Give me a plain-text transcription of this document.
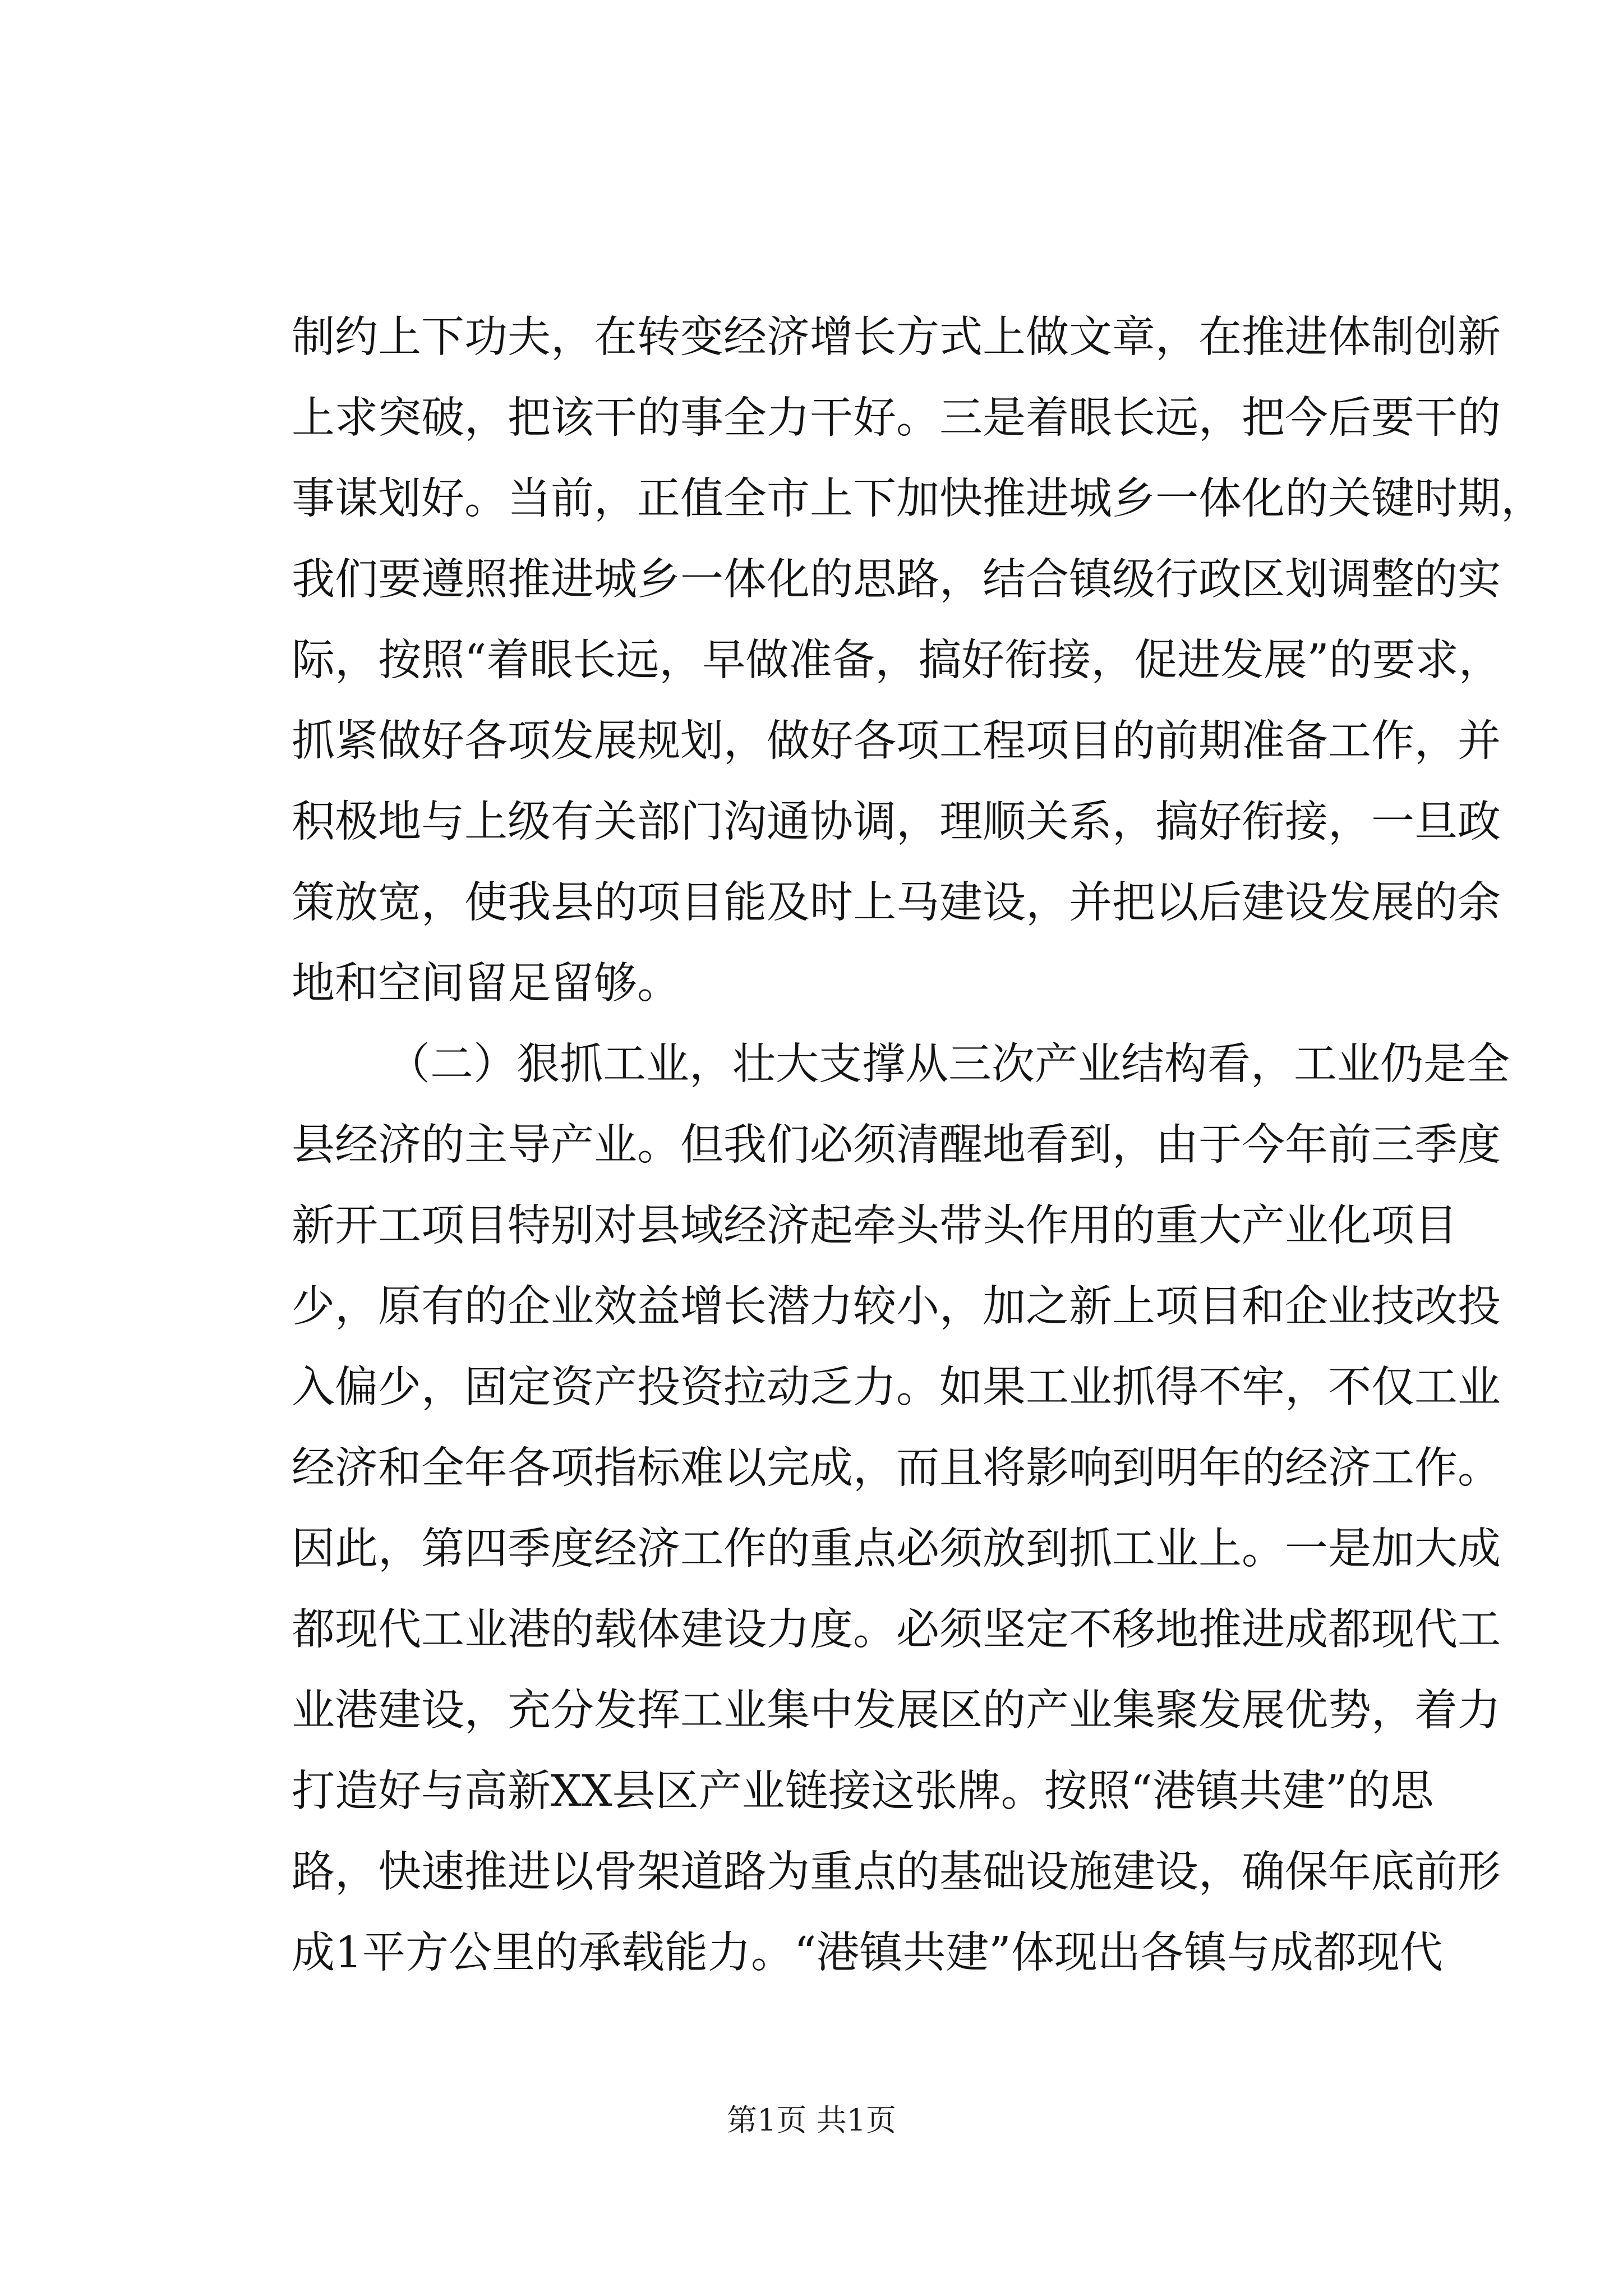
制约上下功夫，在转变经济增长方式上做文章，在推进体制创新
上求突破，把该干的事全力干好。三是着眼长远，把今后要干的
事谋划好。当前，正值全市上下加快推进城乡一体化的关键时期，
我们要遵照推进城乡一体化的思路，结合镇级行政区划调整的实
际，按照“着眼长远，早做准备，搞好衔接，促进发展”的要求，
抓紧做好各项发展规划，做好各项工程项目的前期准备工作，并
积极地与上级有关部门沟通协调，理顺关系，搞好衔接，一旦政
策放宽，使我县的项目能及时上马建设，并把以后建设发展的余
地和空间留足留够。
（二）狠抓工业，壮大支撑从三次产业结构看，工业仍是全
县经济的主导产业。但我们必须清醒地看到，由于今年前三季度
新开工项目特别对县域经济起牵头带头作用的重大产业化项目
少，原有的企业效益增长潜力较小，加之新上项目和企业技改投
入偏少，固定资产投资拉动乏力。如果工业抓得不牢，不仅工业
经济和全年各项指标难以完成，而且将影响到明年的经济工作。
因此，第四季度经济工作的重点必须放到抓工业上。一是加大成
都现代工业港的载体建设力度。必须坚定不移地推进成都现代工
业港建设，充分发挥工业集中发展区的产业集聚发展优势，着力
打造好与高新XX县区产业链接这张牌。按照“港镇共建”的思
路，快速推进以骨架道路为重点的基础设施建设，确保年底前形
成1平方公里的承载能力。“港镇共建”体现出各镇与成都现代
第1页 共1页
